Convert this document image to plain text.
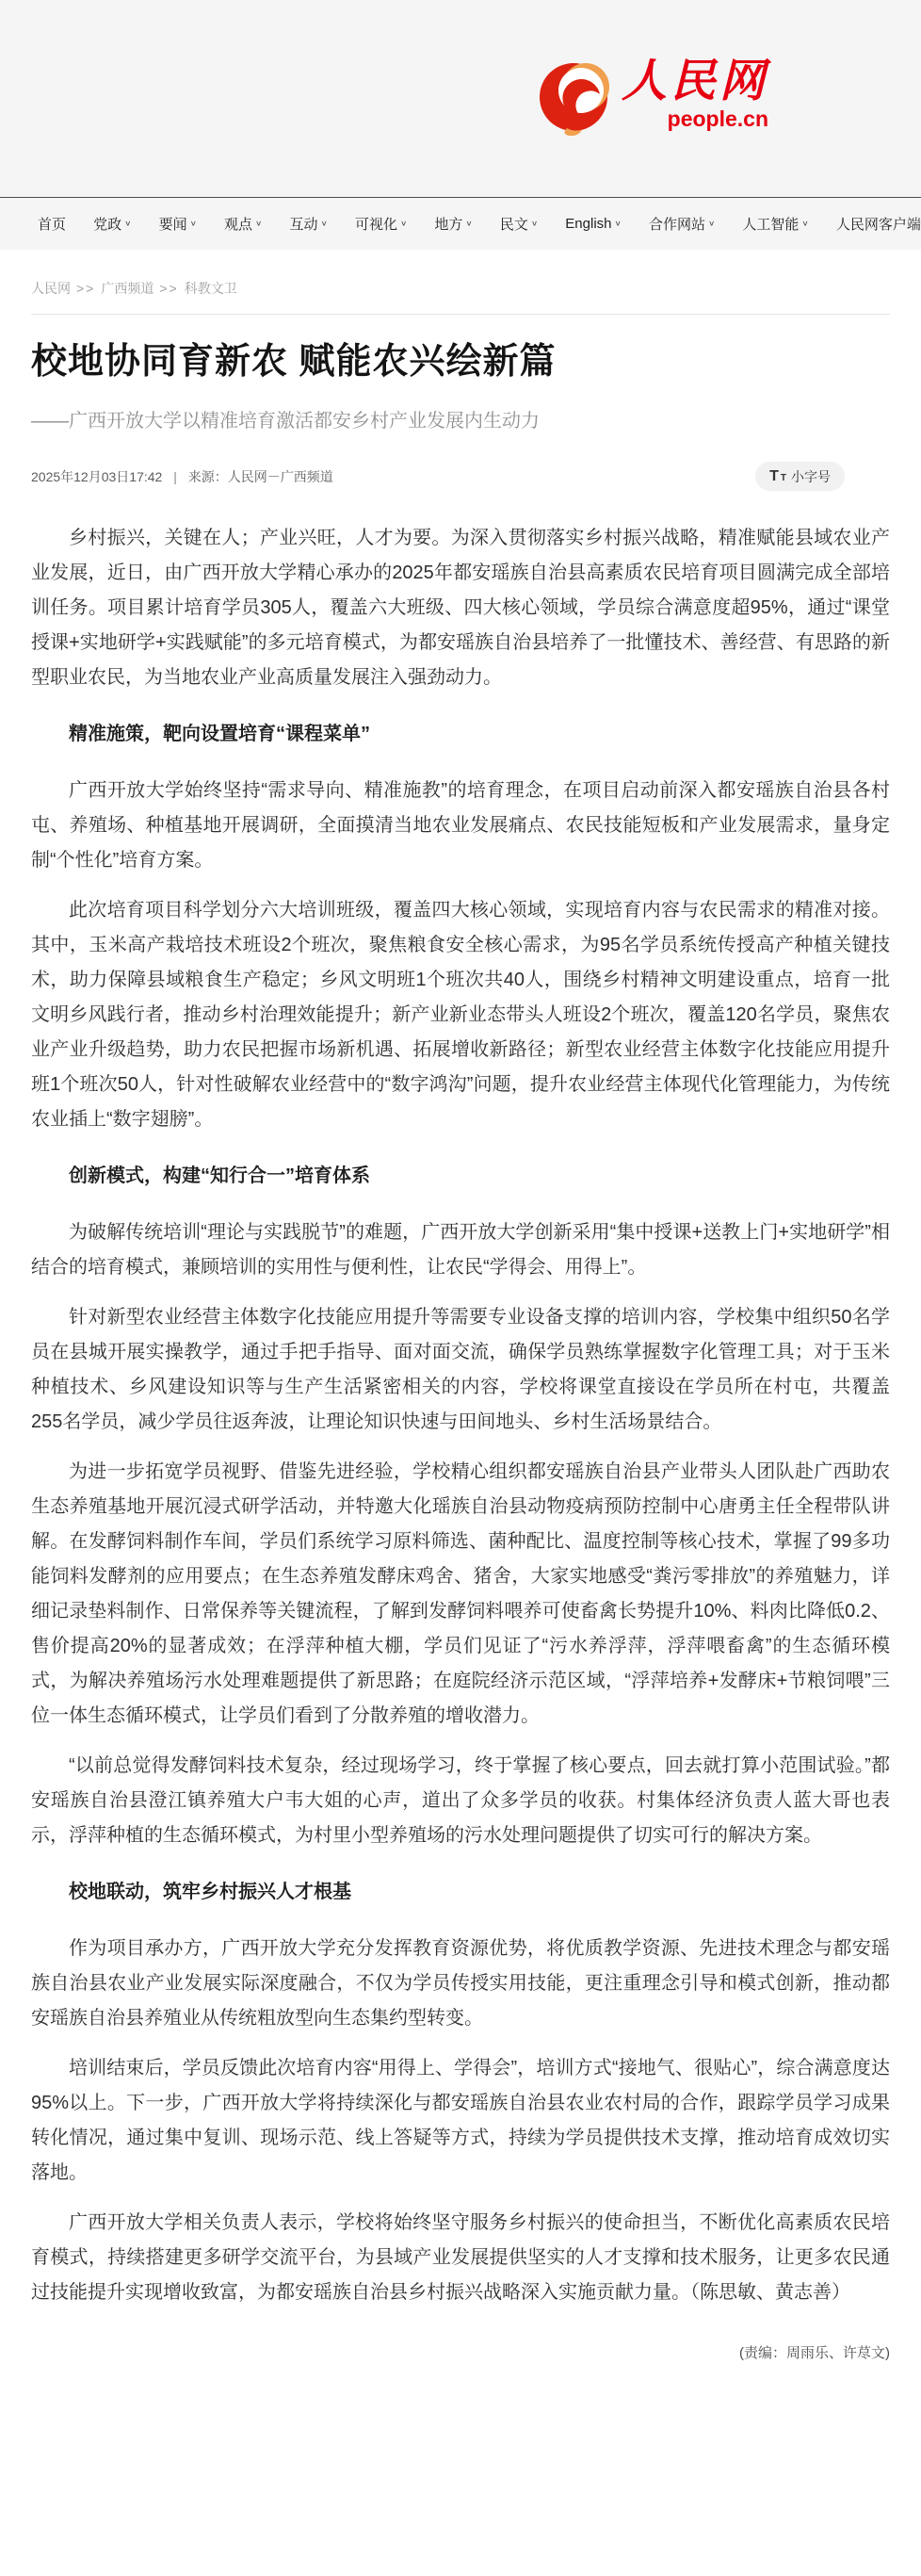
人民网
people.cn
首页 党政 ∨ 要闻 ∨ 观点 ∨ 互动 ∨ 可视化 ∨ 地方 ∨ 民文 ∨ English ∨ 合作网站 ∨ 人工智能 ∨ 人民网客户端
人民网 >> 广西频道 >> 科教文卫
校地协同育新农 赋能农兴绘新篇
——广西开放大学以精准培育激活都安乡村产业发展内生动力
2025年12月03日17:42 | 来源：人民网－广西频道	T T 小字号

乡村振兴，关键在人；产业兴旺，人才为要。为深入贯彻落实乡村振兴战略，精准赋能县域农业产业发展，近日，由广西开放大学精心承办的2025年都安瑶族自治县高素质农民培育项目圆满完成全部培训任务。项目累计培育学员305人，覆盖六大班级、四大核心领域，学员综合满意度超95%，通过“课堂授课+实地研学+实践赋能”的多元培育模式，为都安瑶族自治县培养了一批懂技术、善经营、有思路的新型职业农民，为当地农业产业高质量发展注入强劲动力。

精准施策，靶向设置培育“课程菜单”

广西开放大学始终坚持“需求导向、精准施教”的培育理念，在项目启动前深入都安瑶族自治县各村屯、养殖场、种植基地开展调研，全面摸清当地农业发展痛点、农民技能短板和产业发展需求，量身定制“个性化”培育方案。

此次培育项目科学划分六大培训班级，覆盖四大核心领域，实现培育内容与农民需求的精准对接。其中，玉米高产栽培技术班设2个班次，聚焦粮食安全核心需求，为95名学员系统传授高产种植关键技术，助力保障县域粮食生产稳定；乡风文明班1个班次共40人，围绕乡村精神文明建设重点，培育一批文明乡风践行者，推动乡村治理效能提升；新产业新业态带头人班设2个班次，覆盖120名学员，聚焦农业产业升级趋势，助力农民把握市场新机遇、拓展增收新路径；新型农业经营主体数字化技能应用提升班1个班次50人，针对性破解农业经营中的“数字鸿沟”问题，提升农业经营主体现代化管理能力，为传统农业插上“数字翅膀”。

创新模式，构建“知行合一”培育体系

为破解传统培训“理论与实践脱节”的难题，广西开放大学创新采用“集中授课+送教上门+实地研学”相结合的培育模式，兼顾培训的实用性与便利性，让农民“学得会、用得上”。

针对新型农业经营主体数字化技能应用提升等需要专业设备支撑的培训内容，学校集中组织50名学员在县城开展实操教学，通过手把手指导、面对面交流，确保学员熟练掌握数字化管理工具；对于玉米种植技术、乡风建设知识等与生产生活紧密相关的内容，学校将课堂直接设在学员所在村屯，共覆盖255名学员，减少学员往返奔波，让理论知识快速与田间地头、乡村生活场景结合。

为进一步拓宽学员视野、借鉴先进经验，学校精心组织都安瑶族自治县产业带头人团队赴广西助农生态养殖基地开展沉浸式研学活动，并特邀大化瑶族自治县动物疫病预防控制中心唐勇主任全程带队讲解。在发酵饲料制作车间，学员们系统学习原料筛选、菌种配比、温度控制等核心技术，掌握了99多功能饲料发酵剂的应用要点；在生态养殖发酵床鸡舍、猪舍，大家实地感受“粪污零排放”的养殖魅力，详细记录垫料制作、日常保养等关键流程，了解到发酵饲料喂养可使畜禽长势提升10%、料肉比降低0.2、售价提高20%的显著成效；在浮萍种植大棚，学员们见证了“污水养浮萍，浮萍喂畜禽”的生态循环模式，为解决养殖场污水处理难题提供了新思路；在庭院经济示范区域，“浮萍培养+发酵床+节粮饲喂”三位一体生态循环模式，让学员们看到了分散养殖的增收潜力。

“以前总觉得发酵饲料技术复杂，经过现场学习，终于掌握了核心要点，回去就打算小范围试验。”都安瑶族自治县澄江镇养殖大户韦大姐的心声，道出了众多学员的收获。村集体经济负责人蓝大哥也表示，浮萍种植的生态循环模式，为村里小型养殖场的污水处理问题提供了切实可行的解决方案。

校地联动，筑牢乡村振兴人才根基

作为项目承办方，广西开放大学充分发挥教育资源优势，将优质教学资源、先进技术理念与都安瑶族自治县农业产业发展实际深度融合，不仅为学员传授实用技能，更注重理念引导和模式创新，推动都安瑶族自治县养殖业从传统粗放型向生态集约型转变。

培训结束后，学员反馈此次培育内容“用得上、学得会”，培训方式“接地气、很贴心”，综合满意度达95%以上。下一步，广西开放大学将持续深化与都安瑶族自治县农业农村局的合作，跟踪学员学习成果转化情况，通过集中复训、现场示范、线上答疑等方式，持续为学员提供技术支撑，推动培育成效切实落地。

广西开放大学相关负责人表示，学校将始终坚守服务乡村振兴的使命担当，不断优化高素质农民培育模式，持续搭建更多研学交流平台，为县域产业发展提供坚实的人才支撑和技术服务，让更多农民通过技能提升实现增收致富，为都安瑶族自治县乡村振兴战略深入实施贡献力量。（陈思敏、黄志善）

(责编：周雨乐、许荩文)
